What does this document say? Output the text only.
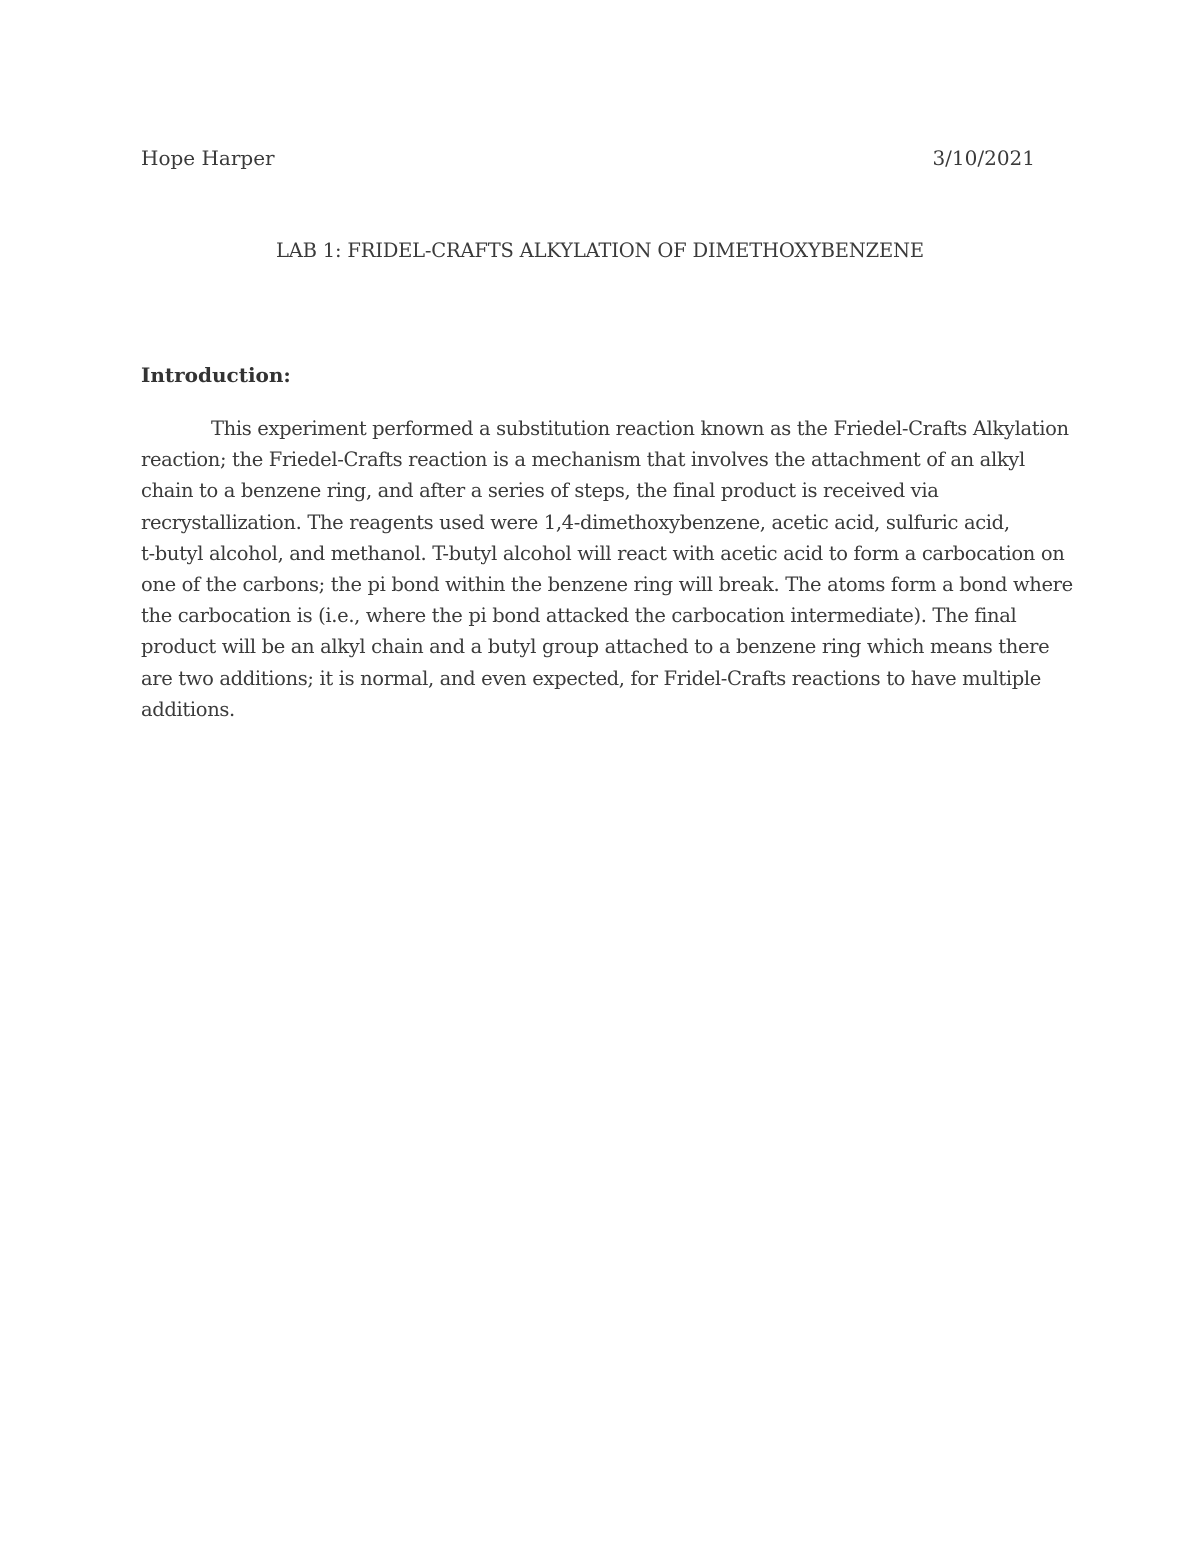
Hope Harper	3/10/2021
LAB 1: FRIDEL-CRAFTS ALKYLATION OF DIMETHOXYBENZENE
Introduction:
This experiment performed a substitution reaction known as the Friedel-Crafts Alkylation
reaction; the Friedel-Crafts reaction is a mechanism that involves the attachment of an alkyl
chain to a benzene ring, and after a series of steps, the final product is received via
recrystallization. The reagents used were 1,4-dimethoxybenzene, acetic acid, sulfuric acid,
t-butyl alcohol, and methanol. T-butyl alcohol will react with acetic acid to form a carbocation on
one of the carbons; the pi bond within the benzene ring will break. The atoms form a bond where
the carbocation is (i.e., where the pi bond attacked the carbocation intermediate). The final
product will be an alkyl chain and a butyl group attached to a benzene ring which means there
are two additions; it is normal, and even expected, for Fridel-Crafts reactions to have multiple
additions.
